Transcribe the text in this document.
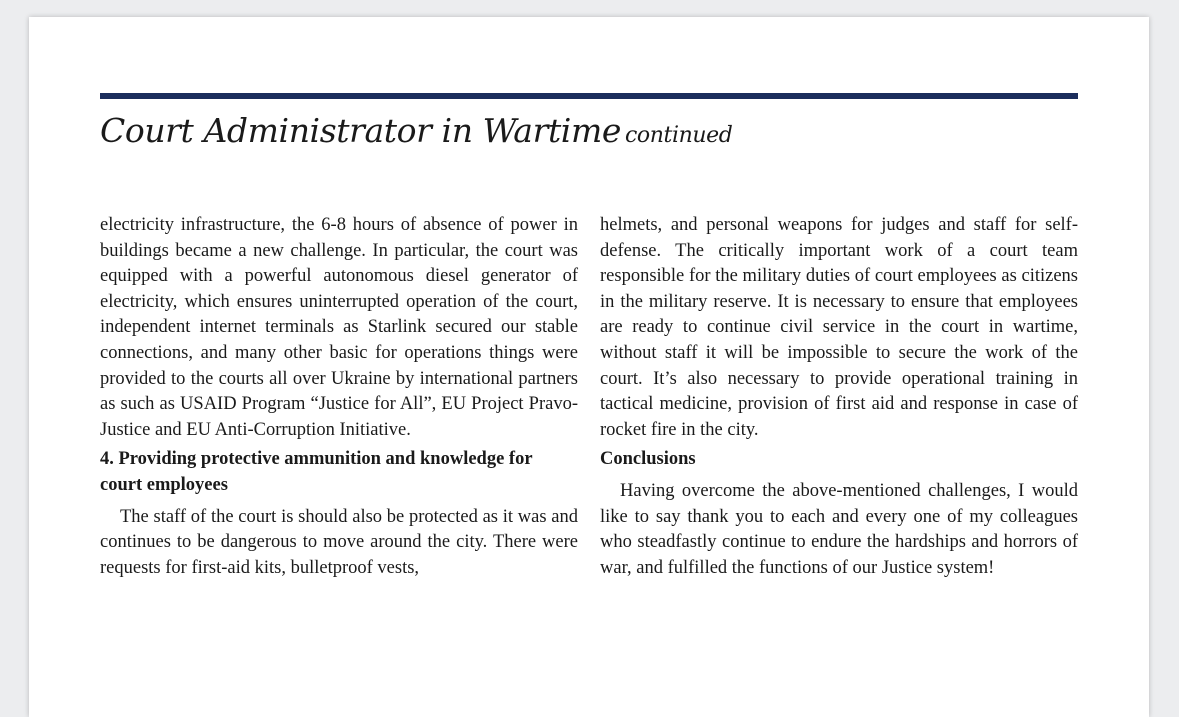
Court Administrator in Wartime continued

electricity infrastructure, the 6-8 hours of absence of power in buildings became a new challenge. In particular, the court was equipped with a powerful autonomous diesel generator of electricity, which ensures uninterrupted operation of the court, independent internet terminals as Starlink secured our stable connections, and many other basic for operations things were provided to the courts all over Ukraine by international partners as such as USAID Program “Justice for All”, EU Project Pravo-Justice and EU Anti-Corruption Initiative.

4. Providing protective ammunition and knowledge for court employees

The staff of the court is should also be protected as it was and continues to be dangerous to move around the city. There were requests for first-aid kits, bulletproof vests,

helmets, and personal weapons for judges and staff for self-defense. The critically important work of a court team responsible for the military duties of court employees as citizens in the military reserve. It is necessary to ensure that employees are ready to continue civil service in the court in wartime, without staff it will be impossible to secure the work of the court. It’s also necessary to provide operational training in tactical medicine, provision of first aid and response in case of rocket fire in the city.

Conclusions

Having overcome the above-mentioned challenges, I would like to say thank you to each and every one of my colleagues who steadfastly continue to endure the hardships and horrors of war, and fulfilled the functions of our Justice system!
